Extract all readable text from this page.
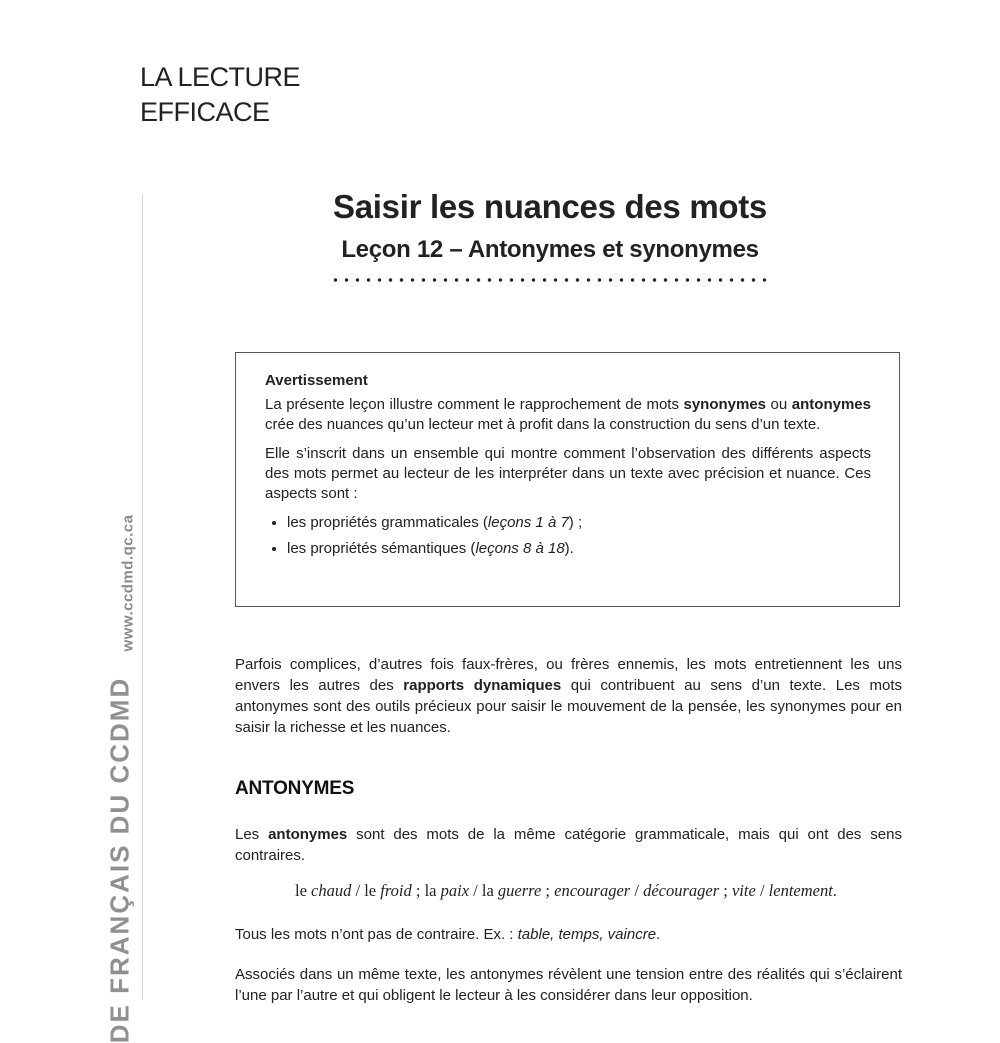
LA LECTURE
EFFICACE
www.ccdmd.qc.ca
DE FRANÇAIS DU CCDMD
Saisir les nuances des mots
Leçon 12 – Antonymes et synonymes
Avertissement

La présente leçon illustre comment le rapprochement de mots synonymes ou antonymes crée des nuances qu’un lecteur met à profit dans la construction du sens d’un texte.

Elle s’inscrit dans un ensemble qui montre comment l’observation des différents aspects des mots permet au lecteur de les interpréter dans un texte avec précision et nuance. Ces aspects sont :

• les propriétés grammaticales (leçons 1 à 7) ;
• les propriétés sémantiques (leçons 8 à 18).

Parfois complices, d’autres fois faux-frères, ou frères ennemis, les mots entretiennent les uns envers les autres des rapports dynamiques qui contribuent au sens d’un texte. Les mots antonymes sont des outils précieux pour saisir le mouvement de la pensée, les synonymes pour en saisir la richesse et les nuances.

ANTONYMES

Les antonymes sont des mots de la même catégorie grammaticale, mais qui ont des sens contraires.

le chaud / le froid ; la paix / la guerre ; encourager / décourager ; vite / lentement.

Tous les mots n’ont pas de contraire. Ex. : table, temps, vaincre.

Associés dans un même texte, les antonymes révèlent une tension entre des réalités qui s’éclairent l’une par l’autre et qui obligent le lecteur à les considérer dans leur opposition.
